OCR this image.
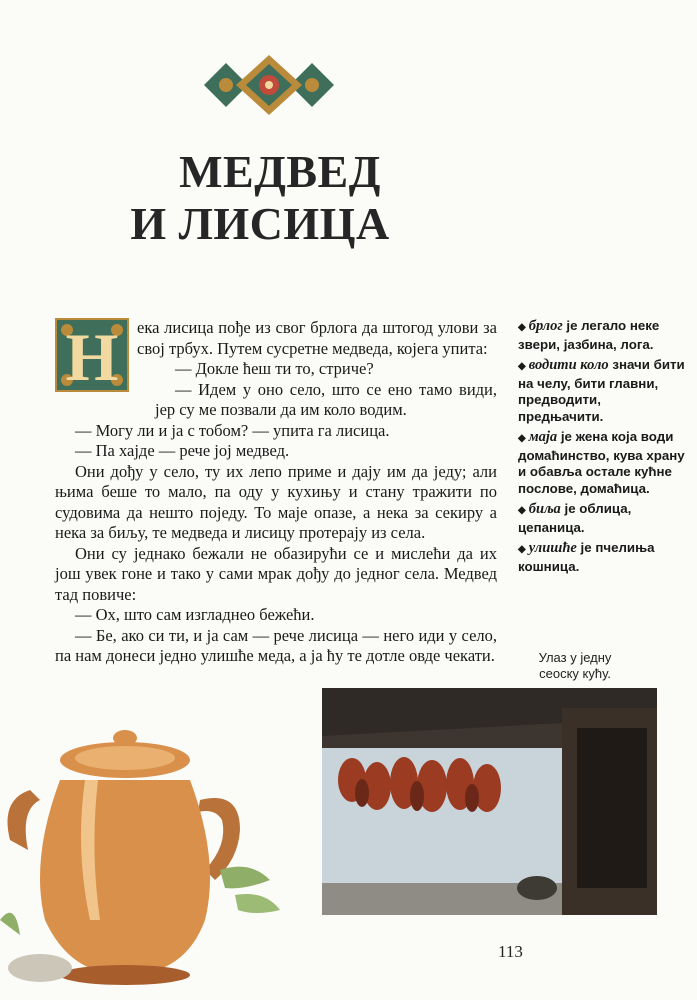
МЕДВЕД

И ЛИСИЦА

Н	ека лисица пође из свог брлога да штогод улови за свој трбух. Путем сусретне медведа, којега упита:

— Докле ћеш ти то, стриче?

— Идем у оно село, што се ено тамо види, јер су ме позвали да им коло водим.

— Могу ли и ја с тобом? — упита га лисица.

— Па хајде — рече јој медвед.

Они дођу у село, ту их лепо приме и дају им да једу; али њима беше то мало, па оду у кухињу и стану тражити по судовима да нешто поједу. То маје опазе, а нека за секиру а нека за биљу, те медведа и лисицу протерају из села.

Они су једнако бежали не обазирући се и мислећи да их још увек гоне и тако у сами мрак дођу до једног села. Медвед тад повиче:

— Ох, што сам изгладнео бежећи.

— Бе, ако си ти, и ја сам — рече лисица — него иди у село, па нам донеси једно улишће меда, а ја ћу те дотле овде чекати.

◆ брлог је легало неке звери, јазбина, лога.
◆ водити коло значи бити на челу, бити главни, предводити, предњачити.
◆ маја је жена која води домаћинство, кува храну и обавља остале кућне послове, домаћица.
◆ биља је облица, цепаница.
◆ улишће је пчелиња кошница.
Улаз у једну сеоску кућу.
113
